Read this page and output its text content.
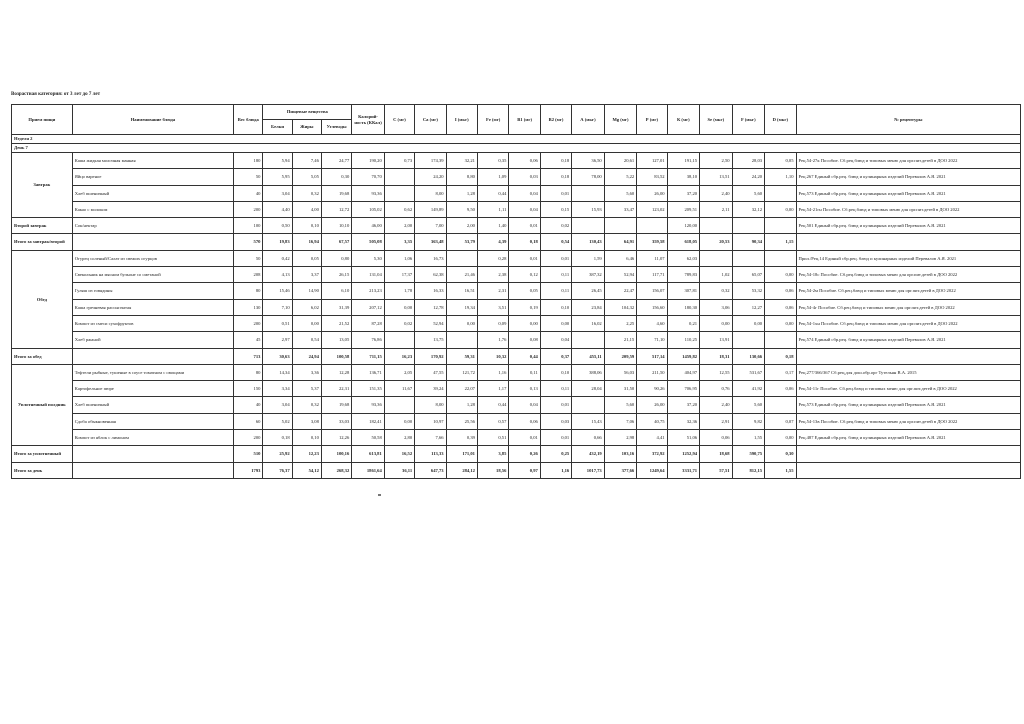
Возрастная категория: от 3 лет до 7 лет
Прием пищи	Наименование блюда	Вес блюда	Пищевые вещества			Калорий-ность (ККал)	С (мг)	Са (мг)	I (мкг)	Fe (мг)	В1 (мг)	В2 (мг)	А (мкг)	Mg (мг)	Р (мг)	К (мг)	Se (мкг)	F (мкг)	D (мкг)	№ рецептуры
			Белки	Жиры	Углеводы															
Неделя 2																				
День 7																				
Завтрак	Каша жидкая молочная манная	180	5,94	7,46	24,77	190,20	0,73	174,39	32,21	0,35	0,06	0,18	36,50	20,61	127,01	191,15	2,50	28,03	0,05	Рец.54-27к Пособие. Сб.рец.блюд и типовых меню для орг.пит.детей в ДОО 2022
	Яйцо вареное	50	5,95	5,05	0,30	70,70		24,20	8,80	1,09	0,03	0,18	78,00	5,22	83,52	38,10	13,51	24,20	1,10	Рец.267 Единый сбр.рец. блюд и кулинарных изделий Перевалов А.Я. 2021
	Хлеб пшеничный	40	3,04	0,32	19,68	93,36		8,00	1,28	0,44	0,04	0,01		5,60	26,00	37,20	2,40	5,60		Рец.573 Единый сбр.рец. блюд и кулинарных изделий Перевалов А.Я. 2021
	Какао с молоком	200	4,40	4,00	12,72	105,02	0,62	149,89	9,50	1,11	0,04	0,15	15,93	33,47	123,02	209,51	2,11	32,12	0,00	Рец.54-21гн Пособие. Сб.рец.блюд и типовых меню для орг.пит.детей в ДОО 2022
Второй завтрак	Сок/нектар	100	0,50	0,10	10,10	46,00	2,00	7,00	2,00	1,40	0,01	0,02				120,00				Рец.501 Единый сбр.рец. блюд и кулинарных изделий Перевалов А.Я. 2021
Итого за завтрак/второй		570	19,83	16,94	67,57	505,08	3,35	363,48	53,79	4,39	0,18	0,54	130,43	64,91	359,58	618,05	20,53	90,34	1,15	
Обед	Огурец соленый/Салат из свежих огурцов	50	0,42	0,05	0,80	5,30	1,06	16,73		0,28	0,01	0,01	1,59	6,46	11,07	62,03				Прил./Рец.14 Единый сбр.рец. блюд и кулинарных изделий Перевалов А.Я. 2021
	Свекольник на мясном бульоне со сметаной	208	4,13	3,37	26,15	131,04	17,37	62,38	21,46	2,38	0,12	0,11	387,32	52,94	117,71	789,83	1,02	65,07	0,00	Рец.54-18с Пособие. Сб.рец.блюд и типовых меню для орг.пит.детей в ДОО 2022
	Гуляш из говядины	80	15,46	14,90	6,10	213,23	1,78	16,33	16,51	2,31	0,05	0,11	26,45	22,47	156,07	307,81	0,32	53,32	0,06	Рец.54-2м Пособие. Сб.рец.блюд и типовых меню для орг.пит.детей в ДОО 2022
	Каша гречневая рассыпчатая	130	7,10	6,02	31,39	207,12	0,00	12,78	19,34	3,51	0,19	0,10	23,84	104,32	156,60	180,30	3,06	12,27	0,06	Рец.54-4г Пособие. Сб.рец.блюд и типовых меню для орг.пит.детей в ДОО 2022
	Компот из смеси сухофруктов	200	0,51	0,00	21,52	87,28	0,02	52,94	0,00	0,09	0,00	0,00	16,02	2,25	4,60	0,21	0,00	0,00	0,00	Рец.54-1хн Пособие. Сб.рец.блюд и типовых меню для орг.пит.детей в ДОО 2022
	Хлеб ржаной	45	2,97	0,54	13,05	76,86		13,75		1,76	0,08	0,04		21,15	71,10	110,25	13,91			Рец.574 Единый сбр.рец. блюд и кулинарных изделий Перевалов А.Я. 2021
Итого за обед		713	30,63	24,94	100,58	711,15	16,23	170,92	59,31	10,32	0,44	0,37	455,11	209,59	517,14	1459,82	18,31	130,66	0,18	
Уплотненный полдник	Тефтели рыбные, тушеные в соусе томатном с овощами	80	14,34	3,36	12,28	136,71	2,05	47,55	121,72	1,16	0,11	0,10	388,06	56,03	211,50	404,97	12,55	531,67	0,17	Рец.277/366/367 Сб.рец.для дош.обр.орг Тутельян В.А. 2015
	Картофельное пюре	150	3,34	5,37	22,31	151,35	11,67	39,24	22,07	1,17	0,13	0,11	28,04	31,50	90,26	706,95	0,76	41,92	0,06	Рец.54-11г Пособие. Сб.рец.блюд и типовых меню для орг.пит.детей в ДОО 2022
	Хлеб пшеничный	40	3,04	0,32	19,68	93,36		8,00	1,28	0,44	0,04	0,01		5,60	26,00	37,20	2,40	5,60		Рец.573 Единый сбр.рец. блюд и кулинарных изделий Перевалов А.Я. 2021
	Сдоба обыкновенная	60	5,02	3,08	33,03	182,41	0,00	10,97	25,56	0,57	0,06	0,03	15,43	7,06	40,75	32,36	2,91	9,82	0,07	Рец.54-13в Пособие. Сб.рец.блюд и типовых меню для орг.пит.детей в ДОО 2022
	Компот из яблок с лимоном	200	0,18	0,10	12,26	50,58	2,80	7,66	0,39	0,51	0,01	0,01	0,66	2,98	4,41	51,06	0,06	1,55	0,00	Рец.487 Единый сбр.рец. блюд и кулинарных изделий Перевалов А.Я. 2021
Итого за уплотненный		510	25,92	12,23	100,16	613,81	16,52	113,33	171,01	3,85	0,26	0,25	432,19	103,16	372,92	1252,94	18,68	590,75	0,30	
Итого за день		1793	76,37	54,12	268,32	1861,64	36,11	647,73	284,12	18,56	0,97	1,16	1017,73	377,66	1249,64	3331,71	57,51	812,15	1,55	
